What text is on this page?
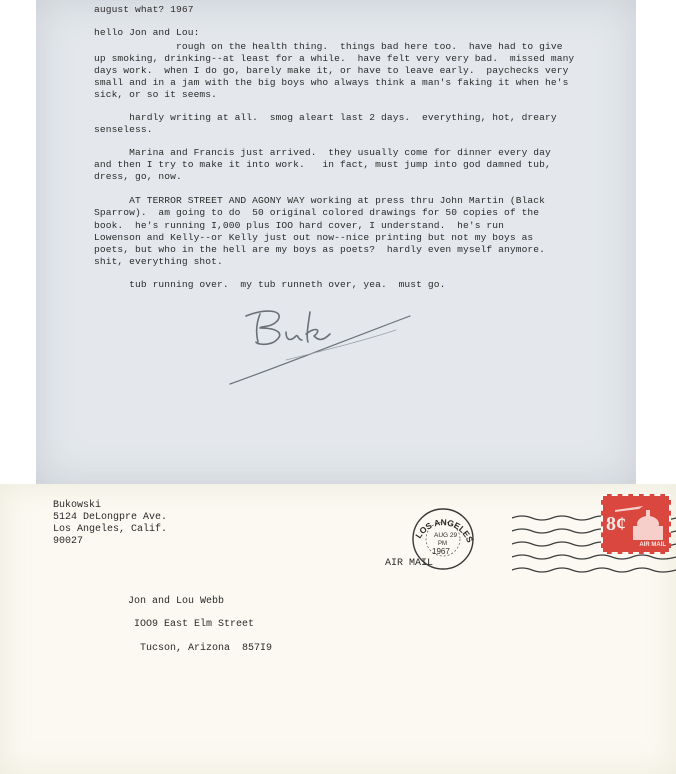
august what? 1967
hello Jon and Lou:
rough on the health thing.  things bad here too.  have had to give
up smoking, drinking--at least for a while.  have felt very very bad.  missed many
days work.  when I do go, barely make it, or have to leave early.  paychecks very
small and in a jam with the big boys who always think a man's faking it when he's
sick, or so it seems.
hardly writing at all.  smog aleart last 2 days.  everything, hot, dreary
senseless.
Marina and Francis just arrived.  they usually come for dinner every day
and then I try to make it into work.   in fact, must jump into god damned tub,
dress, go, now.
AT TERROR STREET AND AGONY WAY working at press thru John Martin (Black
Sparrow).  am going to do  50 original colored drawings for 50 copies of the
book.  he's running I,000 plus IOO hard cover, I understand.  he's run
Lowenson and Kelly--or Kelly just out now--nice printing but not my boys as
poets, but who in the hell are my boys as poets?  hardly even myself anymore.
shit, everything shot.
tub running over.  my tub runneth over, yea.  must go.
Bukowski
5124 DeLongpre Ave.
Los Angeles, Calif.
90027
LOS ANGELES
AUG 29
PM
1967
AIR MAIL
8¢
AIR MAIL
Jon and Lou Webb
IOO9 East Elm Street
Tucson, Arizona  857I9
